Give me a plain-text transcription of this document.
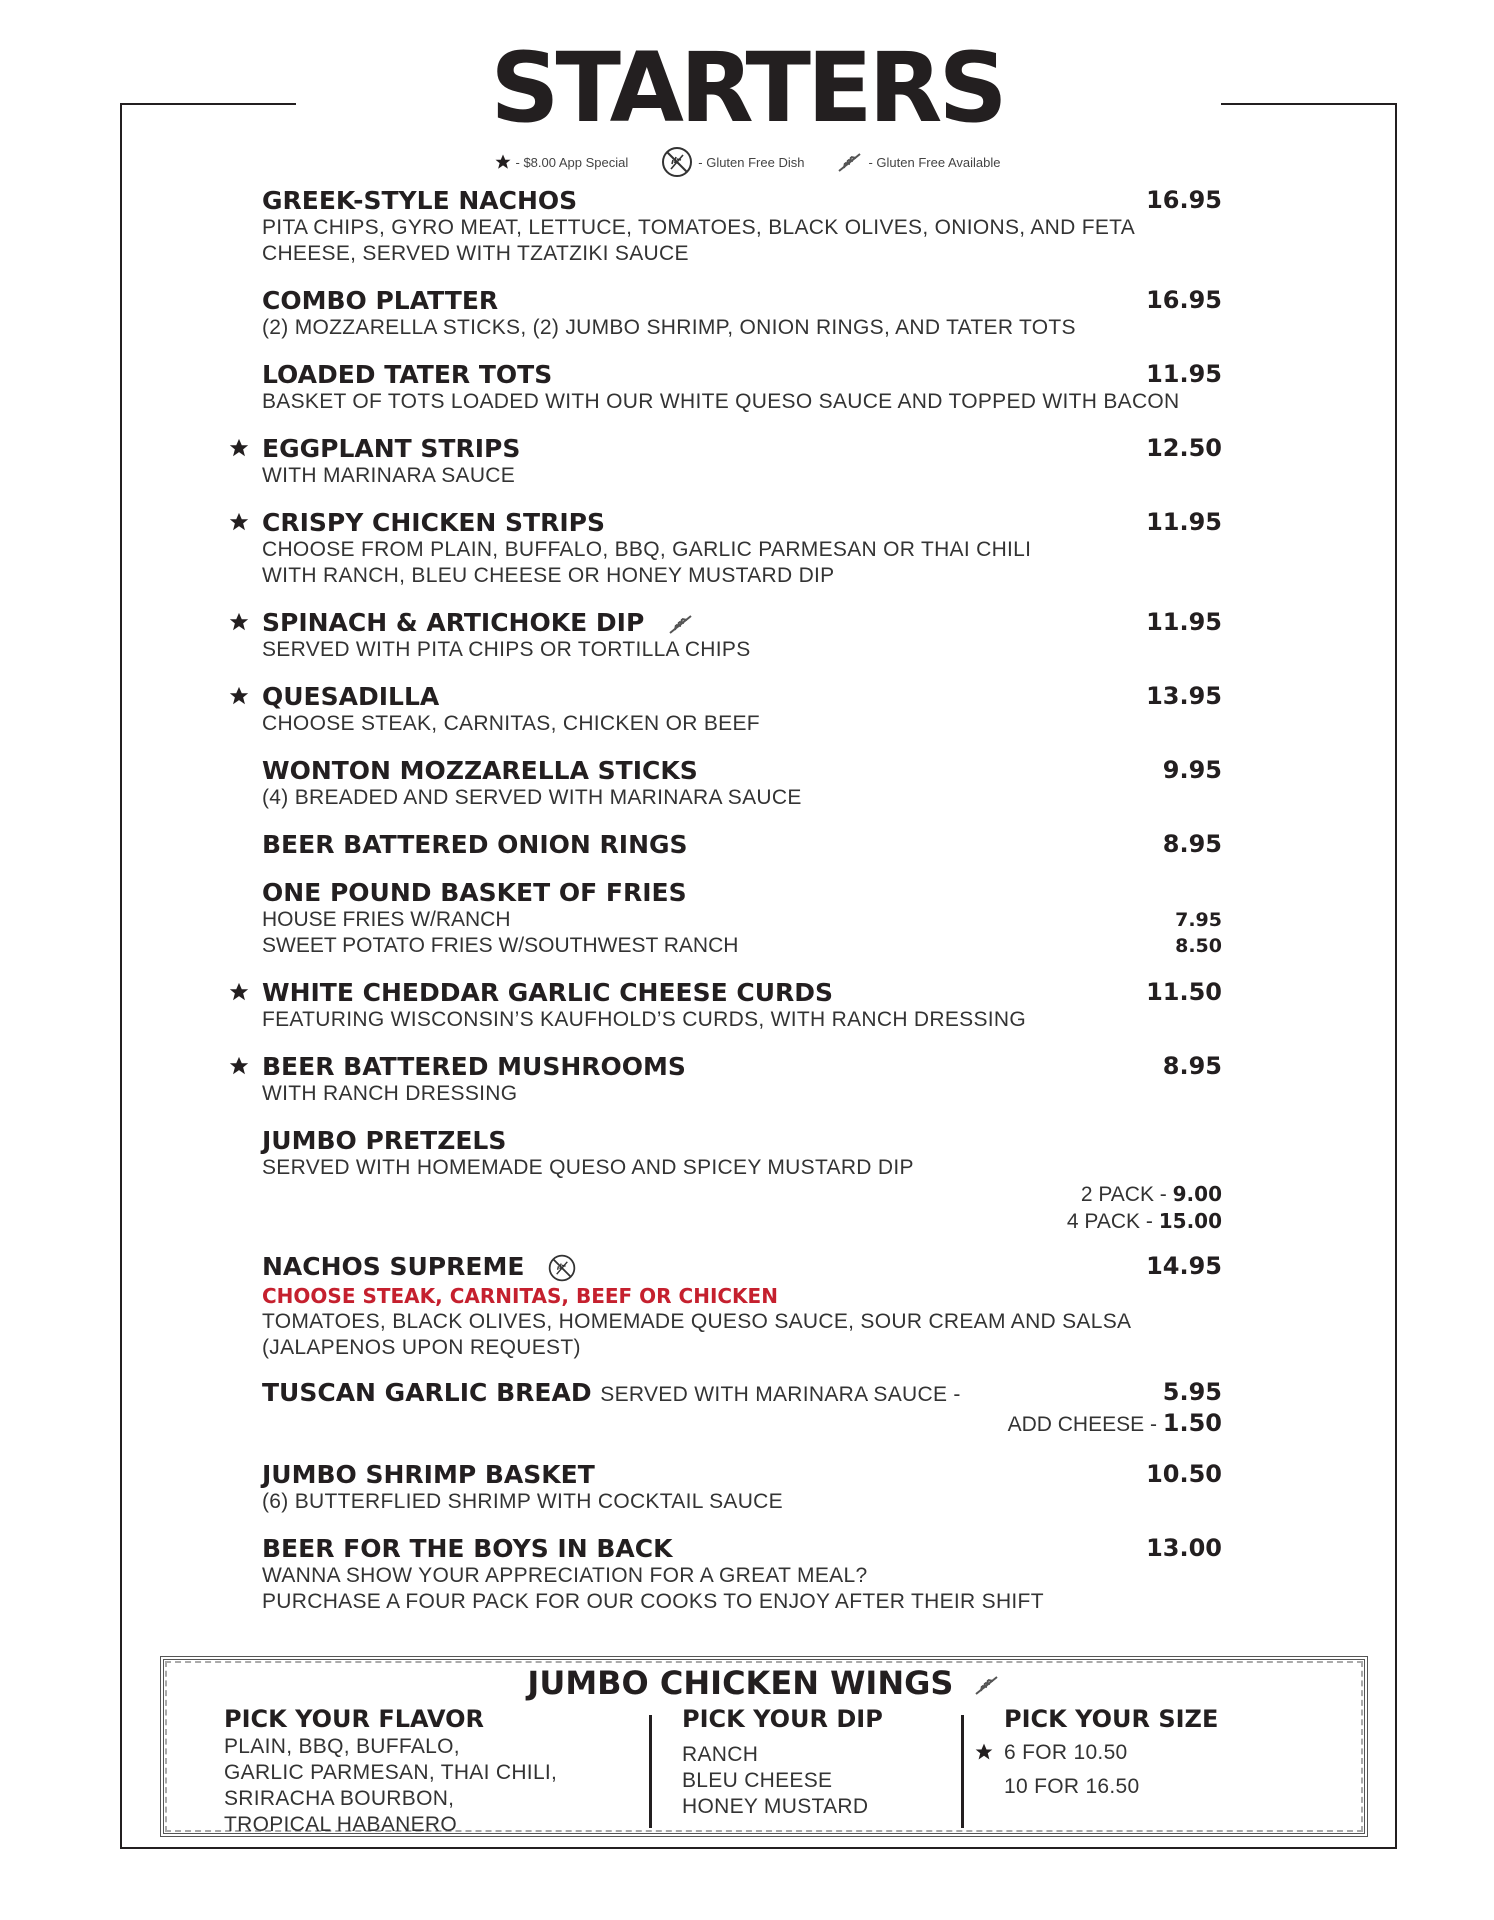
STARTERS
- $8.00 App Special	- Gluten Free Dish	- Gluten Free Available
GREEK-STYLE NACHOS	16.95
PITA CHIPS, GYRO MEAT, LETTUCE, TOMATOES, BLACK OLIVES, ONIONS, AND FETA
CHEESE, SERVED WITH TZATZIKI SAUCE
COMBO PLATTER	16.95
(2) MOZZARELLA STICKS, (2) JUMBO SHRIMP, ONION RINGS, AND TATER TOTS
LOADED TATER TOTS	11.95
BASKET OF TOTS LOADED WITH OUR WHITE QUESO SAUCE AND TOPPED WITH BACON
EGGPLANT STRIPS	12.50
WITH MARINARA SAUCE
CRISPY CHICKEN STRIPS	11.95
CHOOSE FROM PLAIN, BUFFALO, BBQ, GARLIC PARMESAN OR THAI CHILI
WITH RANCH, BLEU CHEESE OR HONEY MUSTARD DIP
SPINACH & ARTICHOKE DIP	11.95
SERVED WITH PITA CHIPS OR TORTILLA CHIPS
QUESADILLA	13.95
CHOOSE STEAK, CARNITAS, CHICKEN OR BEEF
WONTON MOZZARELLA STICKS	9.95
(4) BREADED AND SERVED WITH MARINARA SAUCE
BEER BATTERED ONION RINGS	8.95
ONE POUND BASKET OF FRIES
HOUSE FRIES W/RANCH	7.95
SWEET POTATO FRIES W/SOUTHWEST RANCH	8.50
WHITE CHEDDAR GARLIC CHEESE CURDS	11.50
FEATURING WISCONSIN’S KAUFHOLD’S CURDS, WITH RANCH DRESSING
BEER BATTERED MUSHROOMS	8.95
WITH RANCH DRESSING
JUMBO PRETZELS
SERVED WITH HOMEMADE QUESO AND SPICEY MUSTARD DIP
2 PACK - 9.00
4 PACK - 15.00
NACHOS SUPREME	14.95
CHOOSE STEAK, CARNITAS, BEEF OR CHICKEN
TOMATOES, BLACK OLIVES, HOMEMADE QUESO SAUCE, SOUR CREAM AND SALSA
(JALAPENOS UPON REQUEST)
TUSCAN GARLIC BREAD SERVED WITH MARINARA SAUCE -	5.95
ADD CHEESE - 1.50
JUMBO SHRIMP BASKET	10.50
(6) BUTTERFLIED SHRIMP WITH COCKTAIL SAUCE
BEER FOR THE BOYS IN BACK	13.00
WANNA SHOW YOUR APPRECIATION FOR A GREAT MEAL?
PURCHASE A FOUR PACK FOR OUR COOKS TO ENJOY AFTER THEIR SHIFT
JUMBO CHICKEN WINGS
PICK YOUR FLAVOR
PLAIN, BBQ, BUFFALO,
GARLIC PARMESAN, THAI CHILI,
SRIRACHA BOURBON,
TROPICAL HABANERO
PICK YOUR DIP
RANCH
BLEU CHEESE
HONEY MUSTARD
PICK YOUR SIZE
6 FOR 10.50
10 FOR 16.50
